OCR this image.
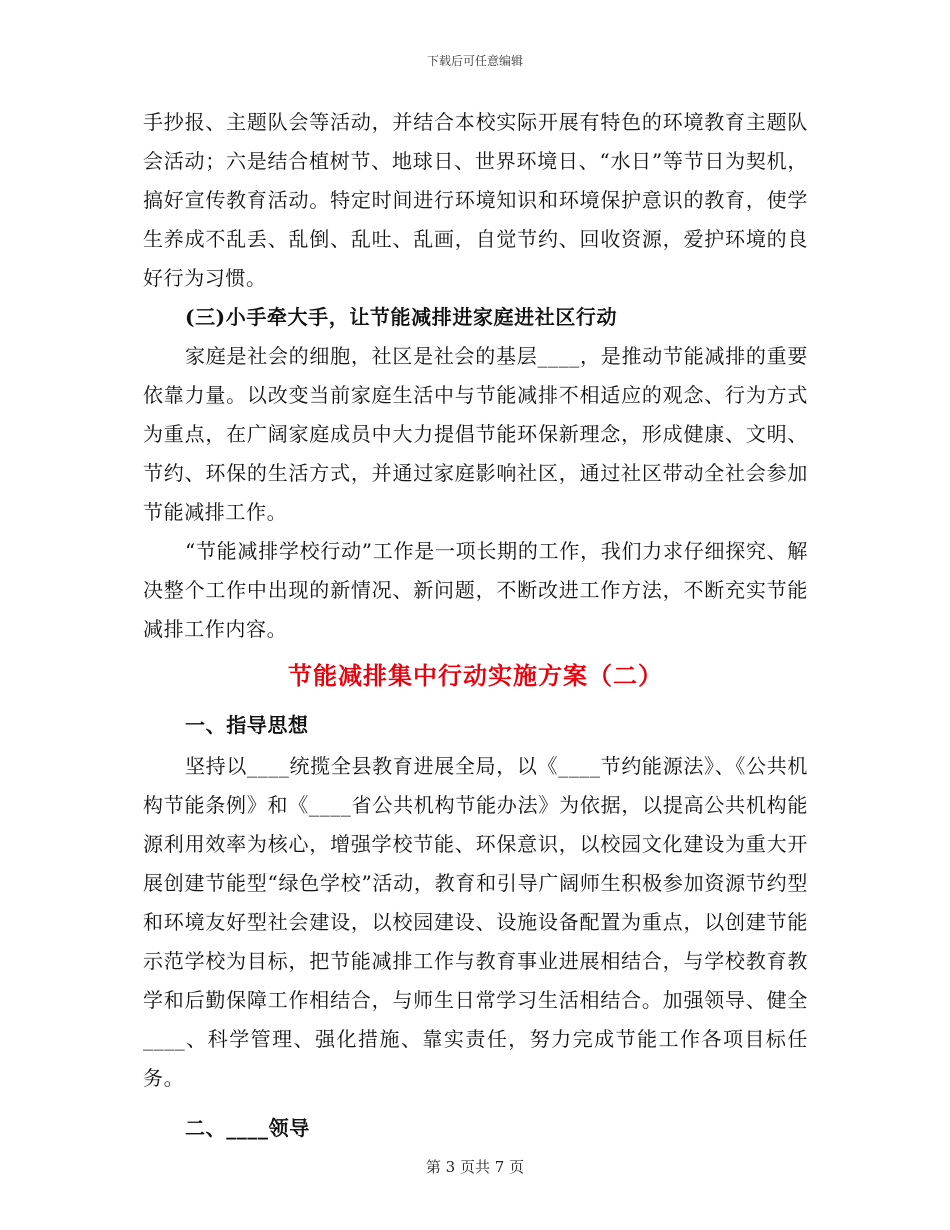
下载后可任意编辑

手抄报、主题队会等活动，并结合本校实际开展有特色的环境教育主题队会活动；六是结合植树节、地球日、世界环境日、“水日”等节日为契机，搞好宣传教育活动。特定时间进行环境知识和环境保护意识的教育，使学生养成不乱丢、乱倒、乱吐、乱画，自觉节约、回收资源，爱护环境的良好行为习惯。

(三)小手牵大手，让节能减排进家庭进社区行动

家庭是社会的细胞，社区是社会的基层____，是推动节能减排的重要依靠力量。以改变当前家庭生活中与节能减排不相适应的观念、行为方式为重点，在广阔家庭成员中大力提倡节能环保新理念，形成健康、文明、节约、环保的生活方式，并通过家庭影响社区，通过社区带动全社会参加节能减排工作。

“节能减排学校行动”工作是一项长期的工作，我们力求仔细探究、解决整个工作中出现的新情况、新问题，不断改进工作方法，不断充实节能减排工作内容。

节能减排集中行动实施方案（二）

一、指导思想

坚持以____统揽全县教育进展全局，以《____节约能源法》、《公共机构节能条例》和《____省公共机构节能办法》为依据，以提高公共机构能源利用效率为核心，增强学校节能、环保意识，以校园文化建设为重大开展创建节能型“绿色学校”活动，教育和引导广阔师生积极参加资源节约型和环境友好型社会建设，以校园建设、设施设备配置为重点，以创建节能示范学校为目标，把节能减排工作与教育事业进展相结合，与学校教育教学和后勤保障工作相结合，与师生日常学习生活相结合。加强领导、健全____、科学管理、强化措施、靠实责任，努力完成节能工作各项目标任务。

二、____领导

第 3 页共 7 页
